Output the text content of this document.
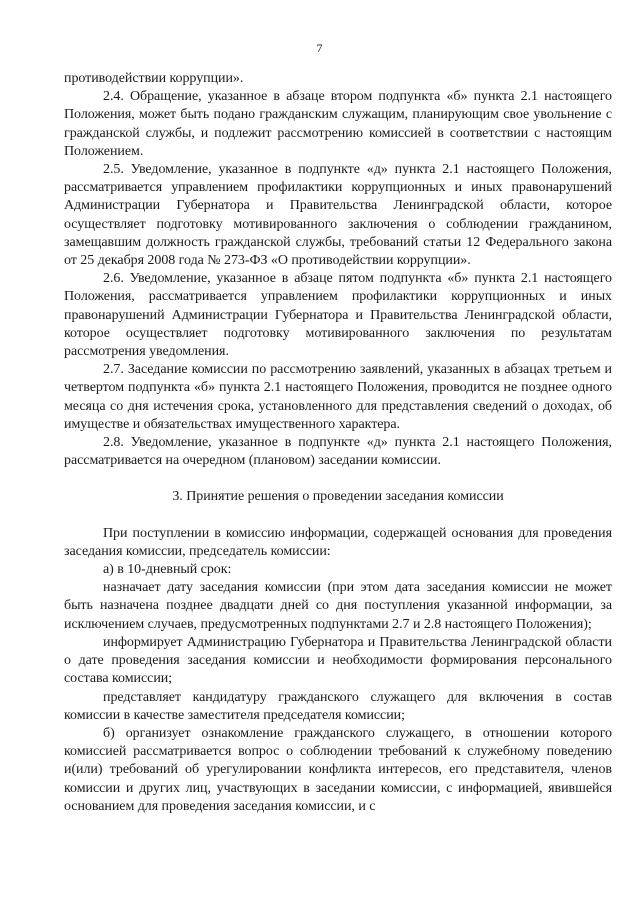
7

противодействии коррупции».

2.4. Обращение, указанное в абзаце втором подпункта «б» пункта 2.1 настоящего Положения, может быть подано гражданским служащим, планирующим свое увольнение с гражданской службы, и подлежит рассмотрению комиссией в соответствии с настоящим Положением.

2.5. Уведомление, указанное в подпункте «д» пункта 2.1 настоящего Положения, рассматривается управлением профилактики коррупционных и иных правонарушений Администрации Губернатора и Правительства Ленинградской области, которое осуществляет подготовку мотивированного заключения о соблюдении гражданином, замещавшим должность гражданской службы, требований статьи 12 Федерального закона от 25 декабря 2008 года № 273-ФЗ «О противодействии коррупции».

2.6. Уведомление, указанное в абзаце пятом подпункта «б» пункта 2.1 настоящего Положения, рассматривается управлением профилактики коррупционных и иных правонарушений Администрации Губернатора и Правительства Ленинградской области, которое осуществляет подготовку мотивированного заключения по результатам рассмотрения уведомления.

2.7. Заседание комиссии по рассмотрению заявлений, указанных в абзацах третьем и четвертом подпункта «б» пункта 2.1 настоящего Положения, проводится не позднее одного месяца со дня истечения срока, установленного для представления сведений о доходах, об имуществе и обязательствах имущественного характера.

2.8. Уведомление, указанное в подпункте «д» пункта 2.1 настоящего Положения, рассматривается на очередном (плановом) заседании комиссии.

3. Принятие решения о проведении заседания комиссии

При поступлении в комиссию информации, содержащей основания для проведения заседания комиссии, председатель комиссии:

а) в 10-дневный срок:

назначает дату заседания комиссии (при этом дата заседания комиссии не может быть назначена позднее двадцати дней со дня поступления указанной информации, за исключением случаев, предусмотренных подпунктами 2.7 и 2.8 настоящего Положения);

информирует Администрацию Губернатора и Правительства Ленинградской области о дате проведения заседания комиссии и необходимости формирования персонального состава комиссии;

представляет кандидатуру гражданского служащего для включения в состав комиссии в качестве заместителя председателя комиссии;

б) организует ознакомление гражданского служащего, в отношении которого комиссией рассматривается вопрос о соблюдении требований к служебному поведению и(или) требований об урегулировании конфликта интересов, его представителя, членов комиссии и других лиц, участвующих в заседании комиссии, с информацией, явившейся основанием для проведения заседания комиссии, и с
